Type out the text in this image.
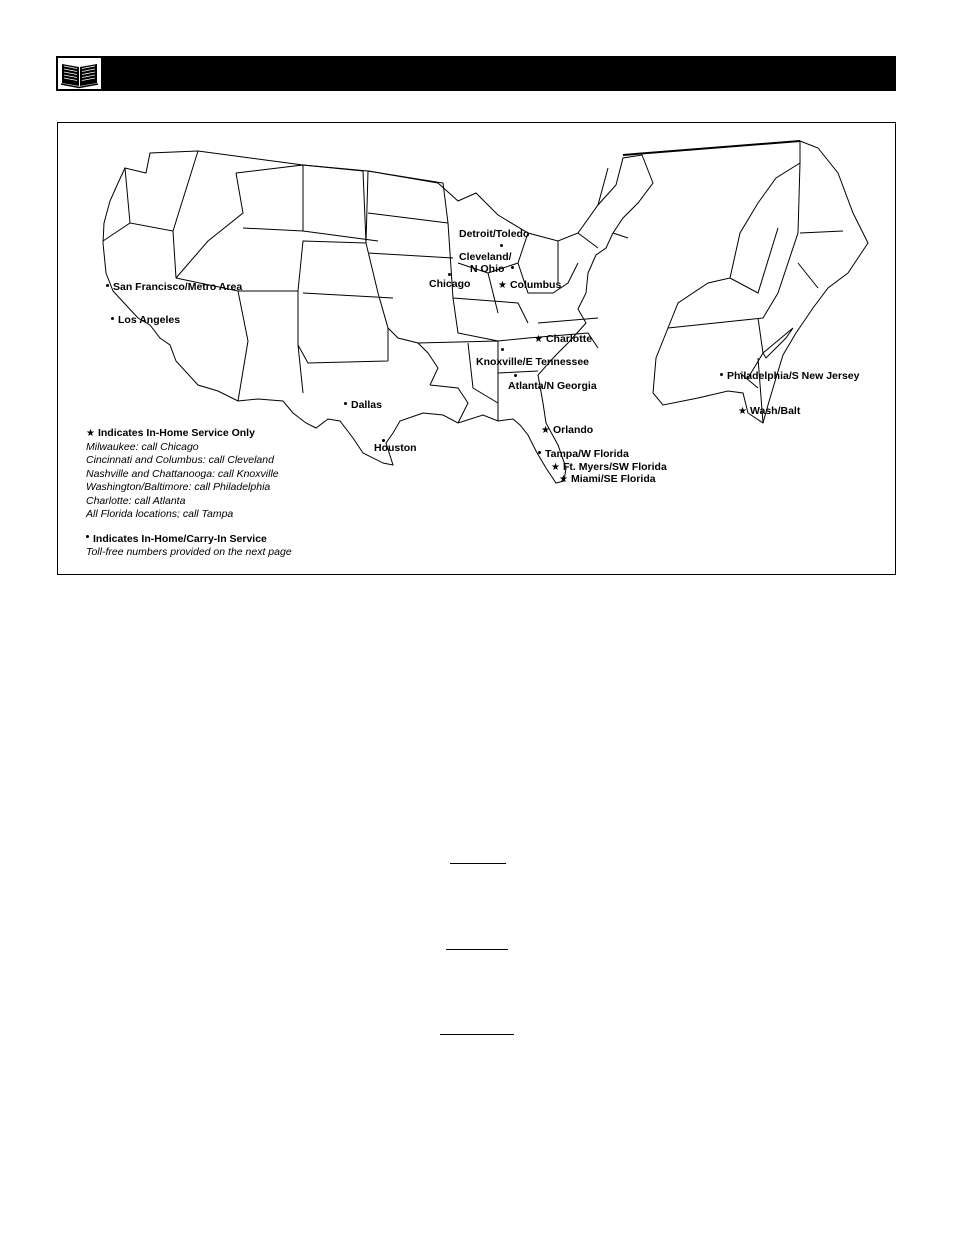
San Francisco/Metro Area
Los Angeles
Detroit/Toledo
Cleveland/
N Ohio
Chicago	★ Columbus
★ Charlotte
Knoxville/E Tennessee
Atlanta/N Georgia
Dallas
Houston
★ Orlando
Tampa/W Florida
★ Ft. Myers/SW Florida
★ Miami/SE Florida
Philadelphia/S New Jersey
★ Wash/Balt
★ Indicates In-Home Service Only
Milwaukee: call Chicago
Cincinnati and Columbus: call Cleveland
Nashville and Chattanooga: call Knoxville
Washington/Baltimore: call Philadelphia
Charlotte: call Atlanta
All Florida locations; call Tampa
Indicates In-Home/Carry-In Service
Toll-free numbers provided on the next page
